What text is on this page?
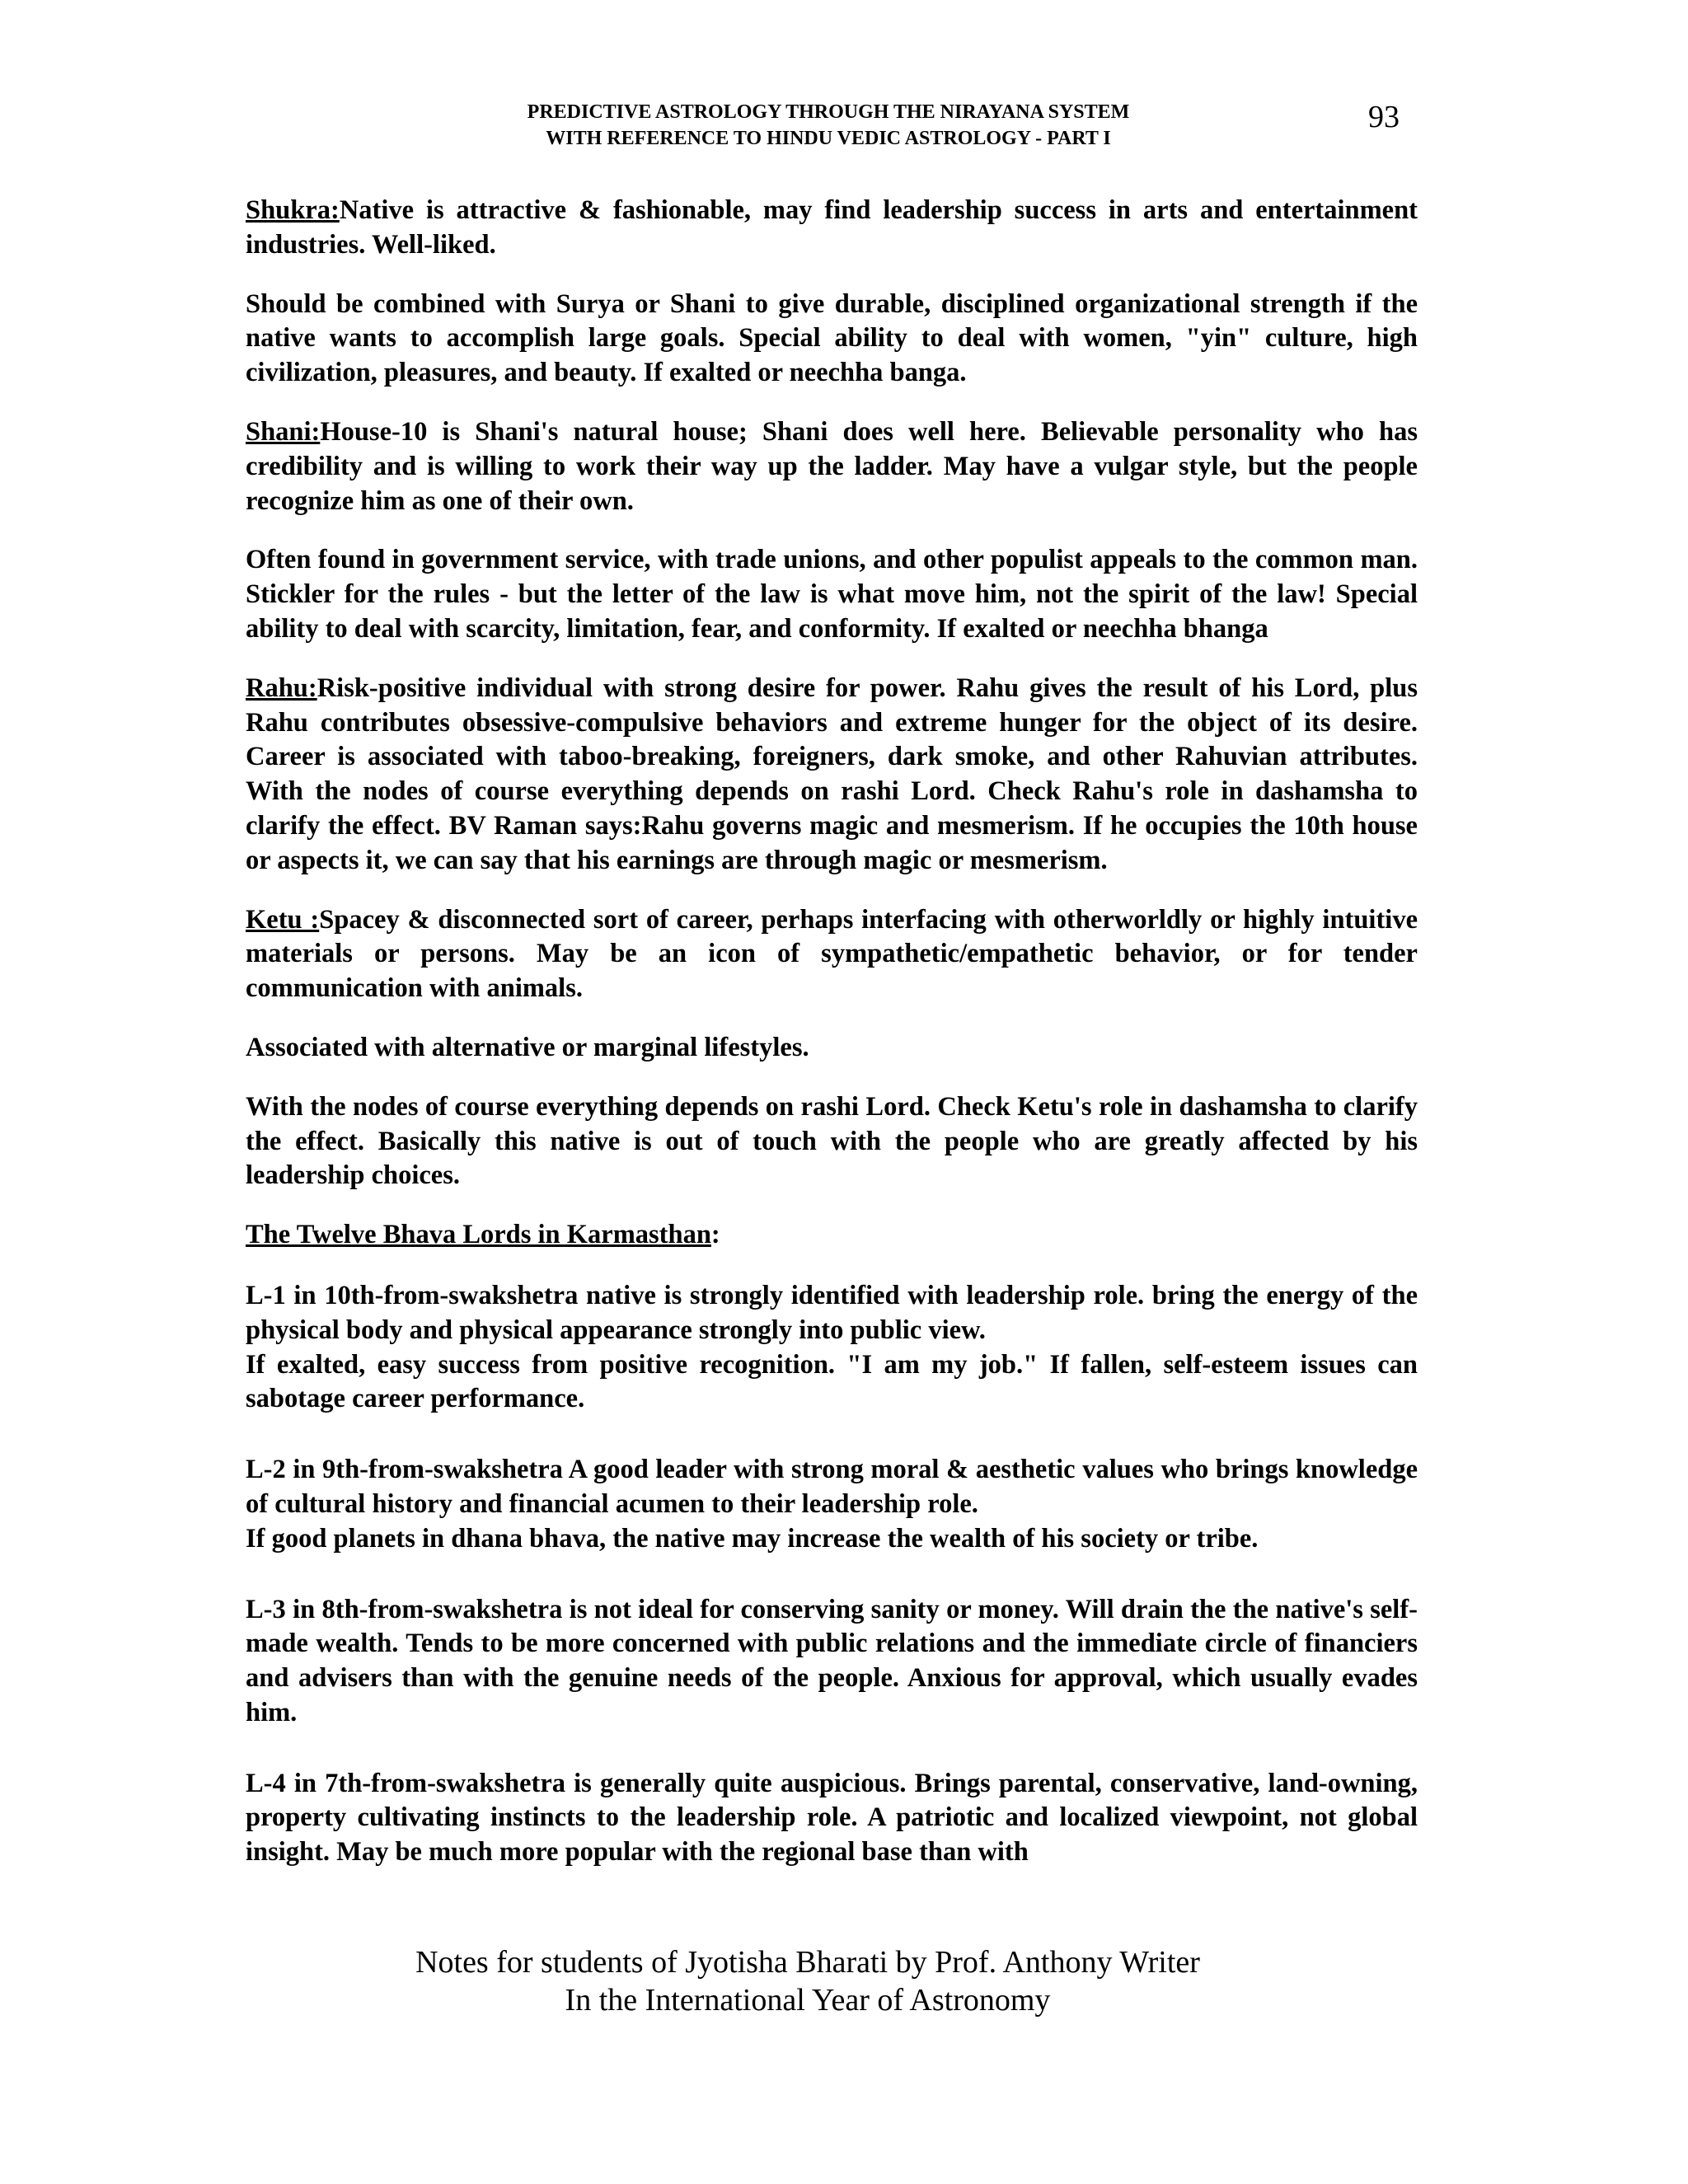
PREDICTIVE ASTROLOGY THROUGH THE NIRAYANA SYSTEM
WITH REFERENCE TO HINDU VEDIC ASTROLOGY - PART I
93

Shukra:Native is attractive & fashionable, may find leadership success in arts and entertainment industries. Well-liked.

Should be combined with Surya or Shani to give durable, disciplined organizational strength if the native wants to accomplish large goals. Special ability to deal with women, "yin" culture, high civilization, pleasures, and beauty. If exalted or neechha banga.

Shani:House-10 is Shani's natural house; Shani does well here. Believable personality who has credibility and is willing to work their way up the ladder. May have a vulgar style, but the people recognize him as one of their own.

Often found in government service, with trade unions, and other populist appeals to the common man. Stickler for the rules - but the letter of the law is what move him, not the spirit of the law! Special ability to deal with scarcity, limitation, fear, and conformity. If exalted or neechha bhanga

Rahu:Risk-positive individual with strong desire for power. Rahu gives the result of his Lord, plus Rahu contributes obsessive-compulsive behaviors and extreme hunger for the object of its desire. Career is associated with taboo-breaking, foreigners, dark smoke, and other Rahuvian attributes. With the nodes of course everything depends on rashi Lord. Check Rahu's role in dashamsha to clarify the effect. BV Raman says:Rahu governs magic and mesmerism. If he occupies the 10th house or aspects it, we can say that his earnings are through magic or mesmerism.

Ketu :Spacey & disconnected sort of career, perhaps interfacing with otherworldly or highly intuitive materials or persons. May be an icon of sympathetic/empathetic behavior, or for tender communication with animals.

Associated with alternative or marginal lifestyles.

With the nodes of course everything depends on rashi Lord. Check Ketu's role in dashamsha to clarify the effect. Basically this native is out of touch with the people who are greatly affected by his leadership choices.

The Twelve Bhava Lords in Karmasthan:

L-1 in 10th-from-swakshetra native is strongly identified with leadership role. bring the energy of the physical body and physical appearance strongly into public view.

If exalted, easy success from positive recognition. "I am my job." If fallen, self-esteem issues can sabotage career performance.

L-2 in 9th-from-swakshetra A good leader with strong moral & aesthetic values who brings knowledge of cultural history and financial acumen to their leadership role.

If good planets in dhana bhava, the native may increase the wealth of his society or tribe.

L-3 in 8th-from-swakshetra is not ideal for conserving sanity or money. Will drain the the native's self-made wealth. Tends to be more concerned with public relations and the immediate circle of financiers and advisers than with the genuine needs of the people. Anxious for approval, which usually evades him.

L-4 in 7th-from-swakshetra is generally quite auspicious. Brings parental, conservative, land-owning, property cultivating instincts to the leadership role. A patriotic and localized viewpoint, not global insight. May be much more popular with the regional base than with

Notes for students of Jyotisha Bharati by Prof. Anthony Writer
In the International Year of Astronomy
